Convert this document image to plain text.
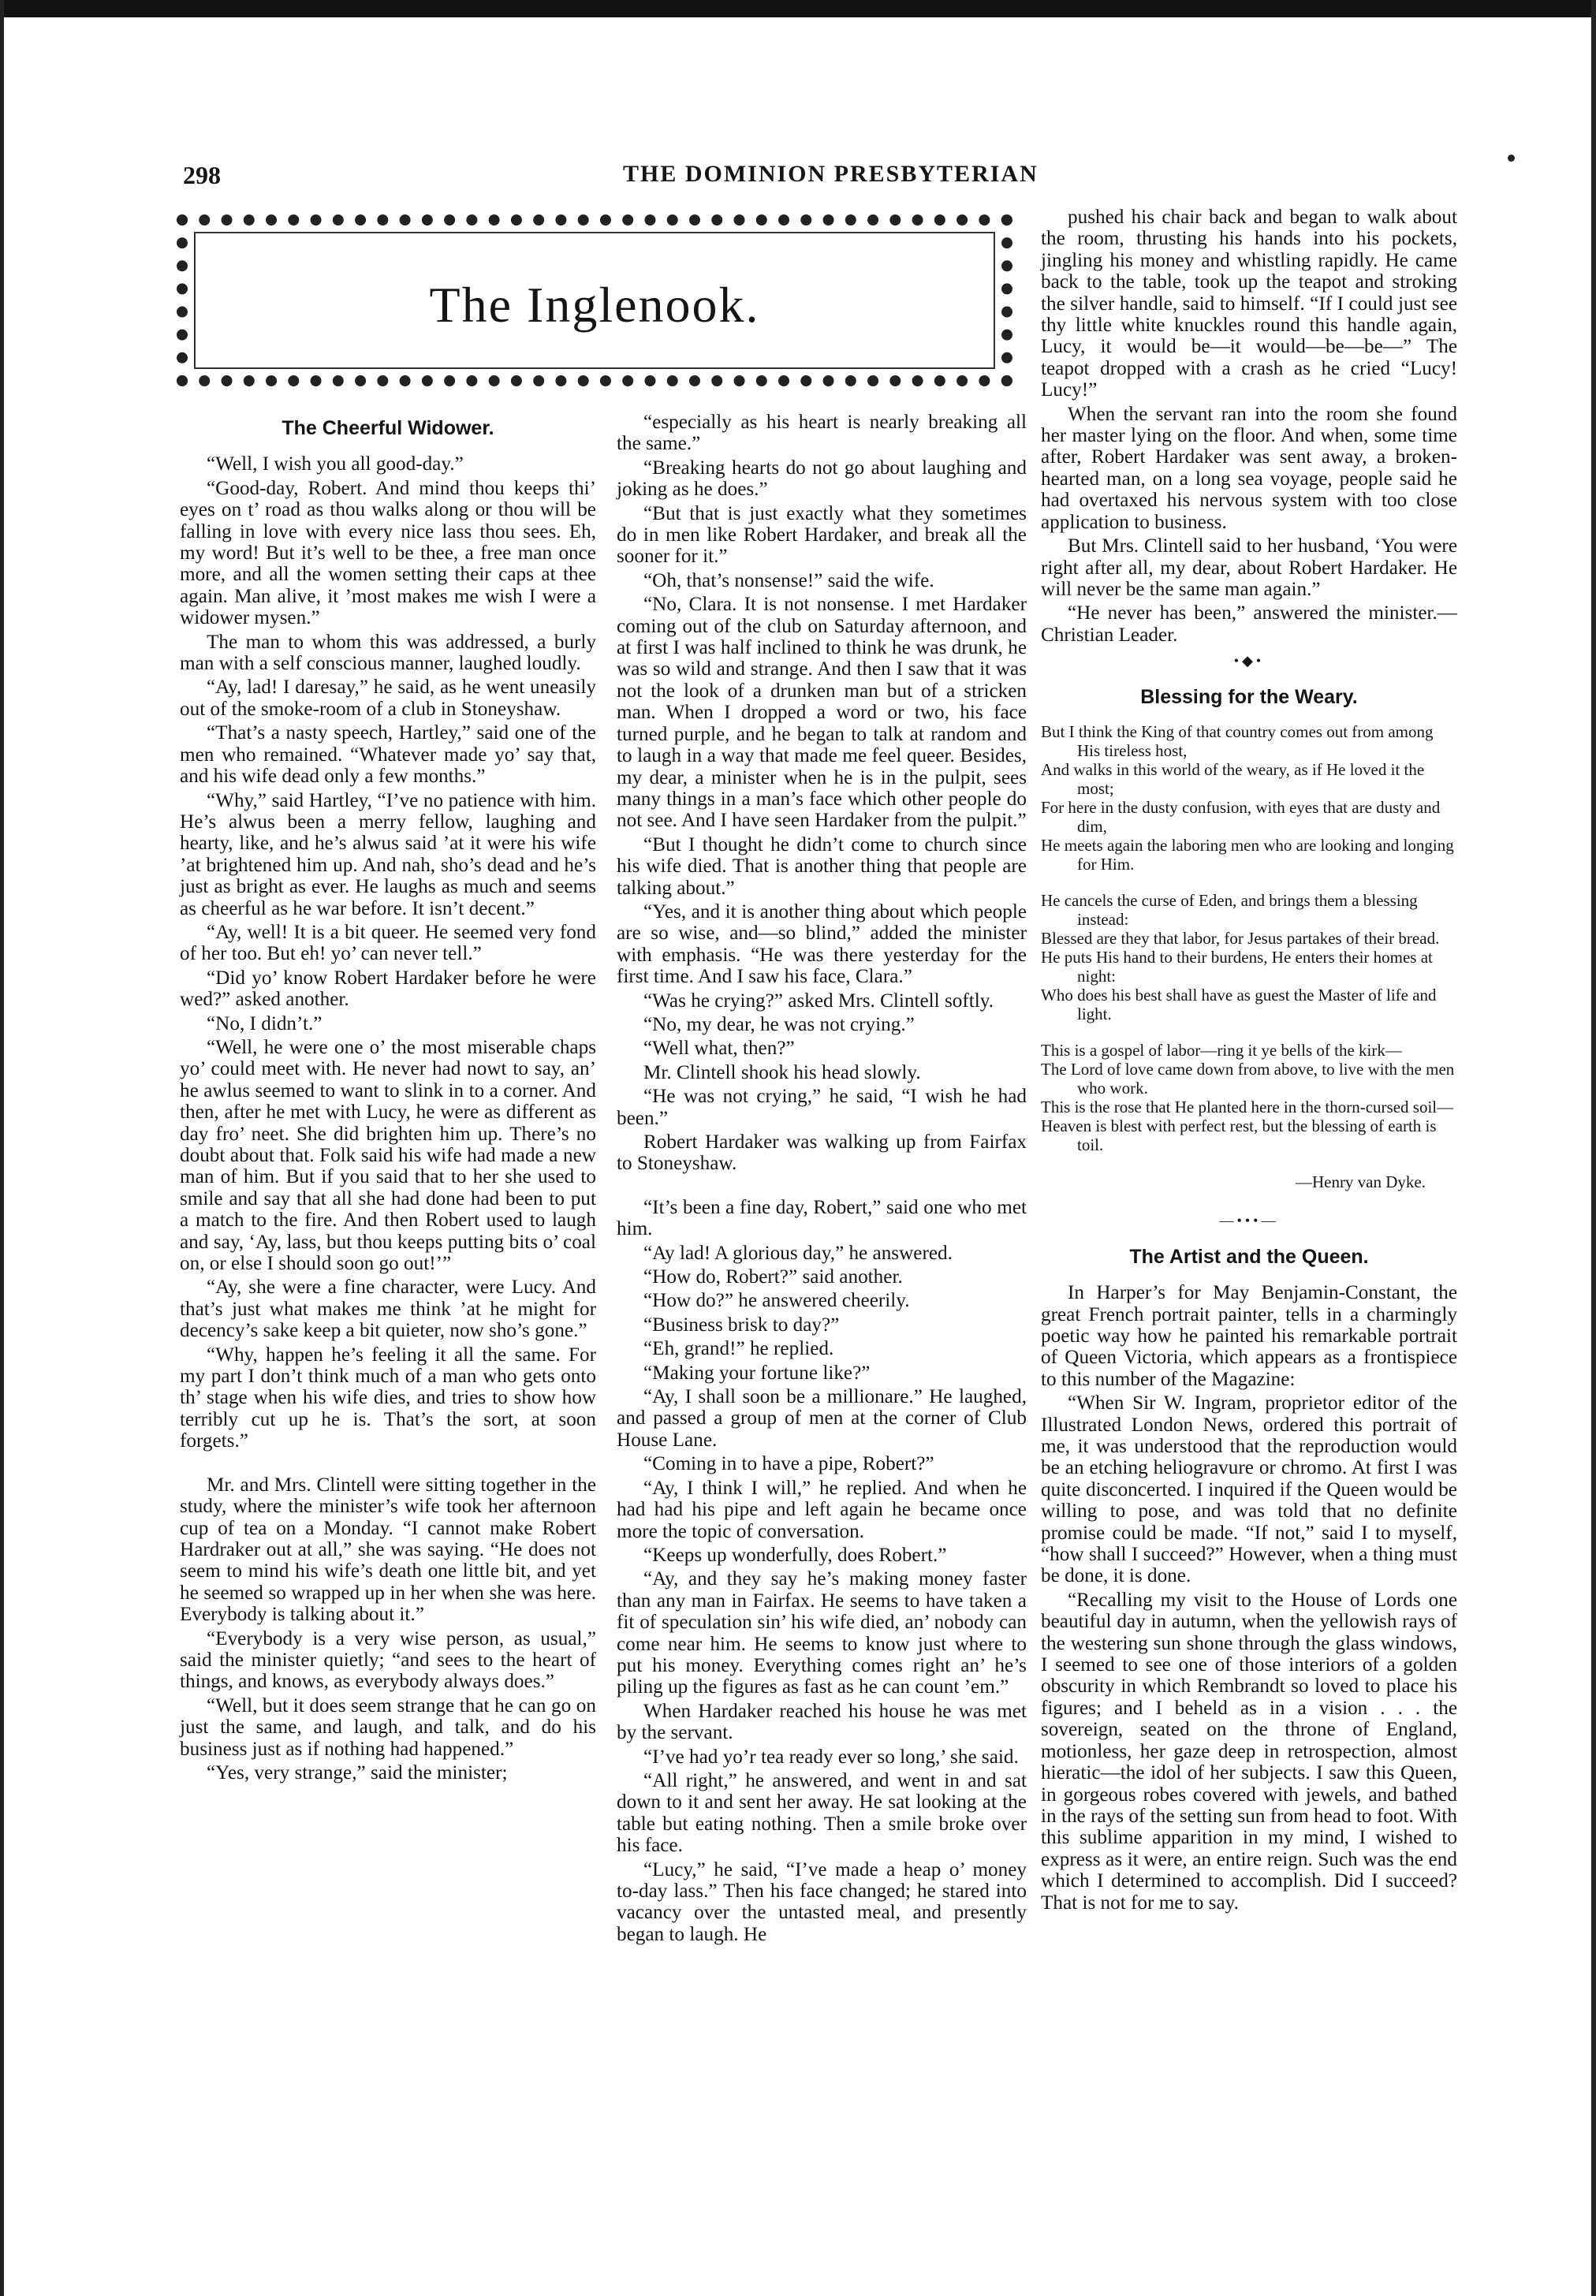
298	THE DOMINION PRESBYTERIAN
The Inglenook.
The Cheerful Widower.

“Well, I wish you all good-day.”

“Good-day, Robert. And mind thou keeps thi’ eyes on t’ road as thou walks along or thou will be falling in love with every nice lass thou sees. Eh, my word! But it’s well to be thee, a free man once more, and all the women setting their caps at thee again. Man alive, it ’most makes me wish I were a widower mysen.”

The man to whom this was addressed, a burly man with a self conscious manner, laughed loudly.

“Ay, lad! I daresay,” he said, as he went uneasily out of the smoke-room of a club in Stoneyshaw.

“That’s a nasty speech, Hartley,” said one of the men who remained. “Whatever made yo’ say that, and his wife dead only a few months.”

“Why,” said Hartley, “I’ve no patience with him. He’s alwus been a merry fellow, laughing and hearty, like, and he’s alwus said ’at it were his wife ’at brightened him up. And nah, sho’s dead and he’s just as bright as ever. He laughs as much and seems as cheerful as he war before. It isn’t decent.”

“Ay, well! It is a bit queer. He seemed very fond of her too. But eh! yo’ can never tell.”

“Did yo’ know Robert Hardaker before he were wed?” asked another.

“No, I didn’t.”

“Well, he were one o’ the most miserable chaps yo’ could meet with. He never had nowt to say, an’ he awlus seemed to want to slink in to a corner. And then, after he met with Lucy, he were as different as day fro’ neet. She did brighten him up. There’s no doubt about that. Folk said his wife had made a new man of him. But if you said that to her she used to smile and say that all she had done had been to put a match to the fire. And then Robert used to laugh and say, ‘Ay, lass, but thou keeps putting bits o’ coal on, or else I should soon go out!’”

“Ay, she were a fine character, were Lucy. And that’s just what makes me think ’at he might for decency’s sake keep a bit quieter, now sho’s gone.”

“Why, happen he’s feeling it all the same. For my part I don’t think much of a man who gets onto th’ stage when his wife dies, and tries to show how terribly cut up he is. That’s the sort, at soon forgets.”

Mr. and Mrs. Clintell were sitting together in the study, where the minister’s wife took her afternoon cup of tea on a Monday. “I cannot make Robert Hardraker out at all,” she was saying. “He does not seem to mind his wife’s death one little bit, and yet he seemed so wrapped up in her when she was here. Everybody is talking about it.”

“Everybody is a very wise person, as usual,” said the minister quietly; “and sees to the heart of things, and knows, as everybody always does.”

“Well, but it does seem strange that he can go on just the same, and laugh, and talk, and do his business just as if nothing had happened.”

“Yes, very strange,” said the minister;

“especially as his heart is nearly breaking all the same.”

“Breaking hearts do not go about laughing and joking as he does.”

“But that is just exactly what they sometimes do in men like Robert Hardaker, and break all the sooner for it.”

“Oh, that’s nonsense!” said the wife.

“No, Clara. It is not nonsense. I met Hardaker coming out of the club on Saturday afternoon, and at first I was half inclined to think he was drunk, he was so wild and strange. And then I saw that it was not the look of a drunken man but of a stricken man. When I dropped a word or two, his face turned purple, and he began to talk at random and to laugh in a way that made me feel queer. Besides, my dear, a minister when he is in the pulpit, sees many things in a man’s face which other people do not see. And I have seen Hardaker from the pulpit.”

“But I thought he didn’t come to church since his wife died. That is another thing that people are talking about.”

“Yes, and it is another thing about which people are so wise, and—so blind,” added the minister with emphasis. “He was there yesterday for the first time. And I saw his face, Clara.”

“Was he crying?” asked Mrs. Clintell softly.

“No, my dear, he was not crying.”

“Well what, then?”

Mr. Clintell shook his head slowly.

“He was not crying,” he said, “I wish he had been.”

Robert Hardaker was walking up from Fairfax to Stoneyshaw.

“It’s been a fine day, Robert,” said one who met him.

“Ay lad! A glorious day,” he answered.

“How do, Robert?” said another.

“How do?” he answered cheerily.

“Business brisk to day?”

“Eh, grand!” he replied.

“Making your fortune like?”

“Ay, I shall soon be a millionare.” He laughed, and passed a group of men at the corner of Club House Lane.

“Coming in to have a pipe, Robert?”

“Ay, I think I will,” he replied. And when he had had his pipe and left again he became once more the topic of conversation.

“Keeps up wonderfully, does Robert.”

“Ay, and they say he’s making money faster than any man in Fairfax. He seems to have taken a fit of speculation sin’ his wife died, an’ nobody can come near him. He seems to know just where to put his money. Everything comes right an’ he’s piling up the figures as fast as he can count ’em.”

When Hardaker reached his house he was met by the servant.

“I’ve had yo’r tea ready ever so long,’ she said.

“All right,” he answered, and went in and sat down to it and sent her away. He sat looking at the table but eating nothing. Then a smile broke over his face.

“Lucy,” he said, “I’ve made a heap o’ money to-day lass.” Then his face changed; he stared into vacancy over the untasted meal, and presently began to laugh. He

pushed his chair back and began to walk about the room, thrusting his hands into his pockets, jingling his money and whistling rapidly. He came back to the table, took up the teapot and stroking the silver handle, said to himself. “If I could just see thy little white knuckles round this handle again, Lucy, it would be—it would—be—be—” The teapot dropped with a crash as he cried “Lucy! Lucy!”

When the servant ran into the room she found her master lying on the floor. And when, some time after, Robert Hardaker was sent away, a broken-hearted man, on a long sea voyage, people said he had overtaxed his nervous system with too close application to business.

But Mrs. Clintell said to her husband, ‘You were right after all, my dear, about Robert Hardaker. He will never be the same man again.”

“He never has been,” answered the minister.—Christian Leader.

•◆•
Blessing for the Weary.
But I think the King of that country comes out from among His tireless host,
And walks in this world of the weary, as if He loved it the most;
For here in the dusty confusion, with eyes that are dusty and dim,
He meets again the laboring men who are looking and longing for Him.
He cancels the curse of Eden, and brings them a blessing instead:
Blessed are they that labor, for Jesus partakes of their bread.
He puts His hand to their burdens, He enters their homes at night:
Who does his best shall have as guest the Master of life and light.
This is a gospel of labor—ring it ye bells of the kirk—
The Lord of love came down from above, to live with the men who work.
This is the rose that He planted here in the thorn-cursed soil—
Heaven is blest with perfect rest, but the blessing of earth is toil.
—Henry van Dyke.
—•••—
The Artist and the Queen.

In Harper’s for May Benjamin-Constant, the great French portrait painter, tells in a charmingly poetic way how he painted his remarkable portrait of Queen Victoria, which appears as a frontispiece to this number of the Magazine:

“When Sir W. Ingram, proprietor editor of the Illustrated London News, ordered this portrait of me, it was understood that the reproduction would be an etching heliogravure or chromo. At first I was quite disconcerted. I inquired if the Queen would be willing to pose, and was told that no definite promise could be made. “If not,” said I to myself, “how shall I succeed?” However, when a thing must be done, it is done.

“Recalling my visit to the House of Lords one beautiful day in autumn, when the yellowish rays of the westering sun shone through the glass windows, I seemed to see one of those interiors of a golden obscurity in which Rembrandt so loved to place his figures; and I beheld as in a vision . . . the sovereign, seated on the throne of England, motionless, her gaze deep in retrospection, almost hieratic—the idol of her subjects. I saw this Queen, in gorgeous robes covered with jewels, and bathed in the rays of the setting sun from head to foot. With this sublime apparition in my mind, I wished to express as it were, an entire reign. Such was the end which I determined to accomplish. Did I succeed? That is not for me to say.
